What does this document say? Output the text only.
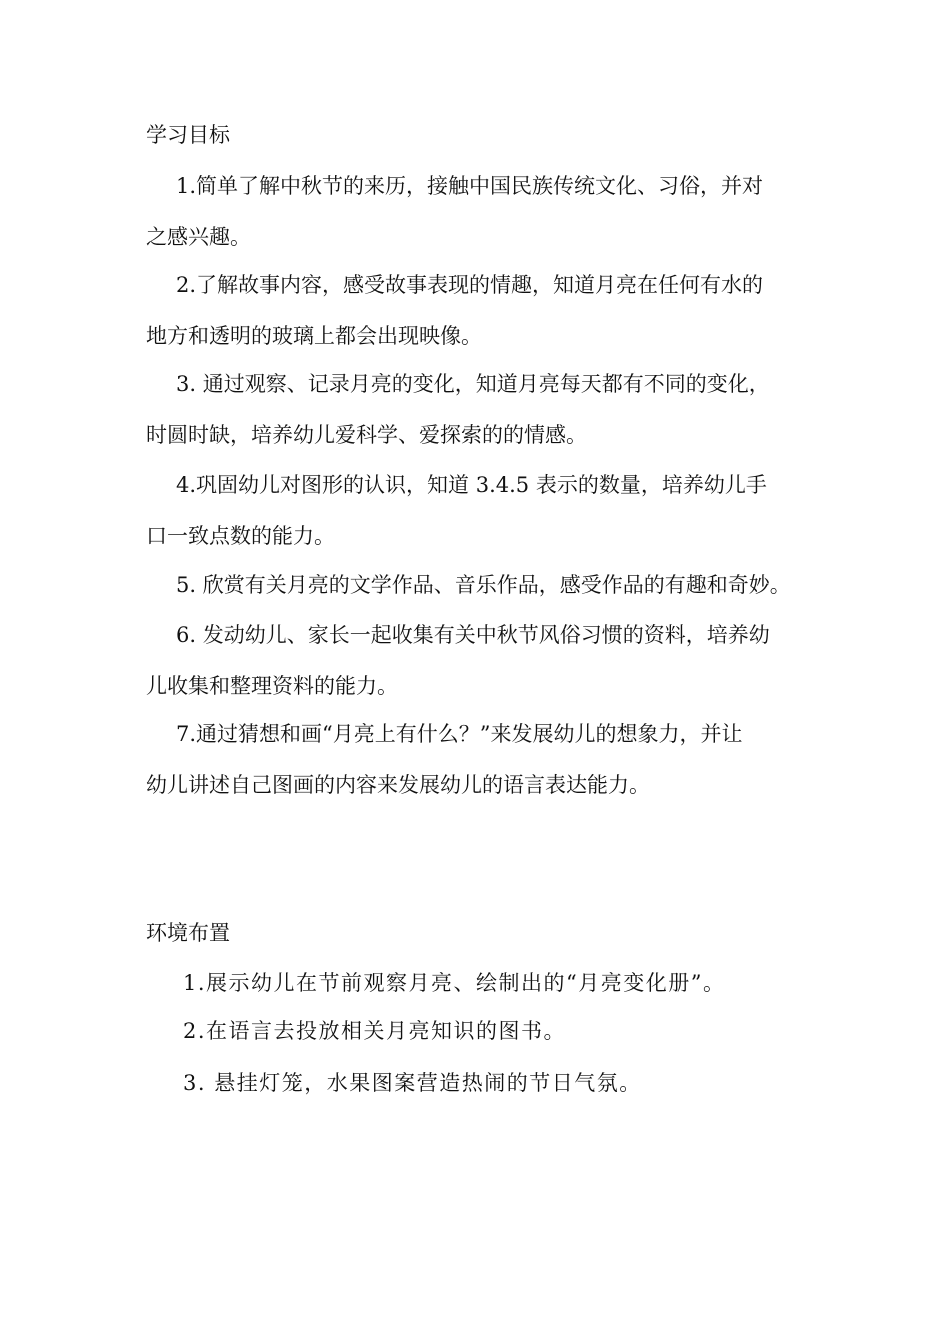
学习目标
1.简单了解中秋节的来历，接触中国民族传统文化、习俗，并对
之感兴趣。
2.了解故事内容，感受故事表现的情趣，知道月亮在任何有水的
地方和透明的玻璃上都会出现映像。
3. 通过观察、记录月亮的变化，知道月亮每天都有不同的变化，
时圆时缺，培养幼儿爱科学、爱探索的的情感。
4.巩固幼儿对图形的认识，知道 3.4.5 表示的数量，培养幼儿手
口一致点数的能力。
5. 欣赏有关月亮的文学作品、音乐作品，感受作品的有趣和奇妙。
6. 发动幼儿、家长一起收集有关中秋节风俗习惯的资料，培养幼
儿收集和整理资料的能力。
7.通过猜想和画“月亮上有什么？”来发展幼儿的想象力，并让
幼儿讲述自己图画的内容来发展幼儿的语言表达能力。
环境布置
1.展示幼儿在节前观察月亮、绘制出的“月亮变化册”。
2.在语言去投放相关月亮知识的图书。
3. 悬挂灯笼，水果图案营造热闹的节日气氛。
